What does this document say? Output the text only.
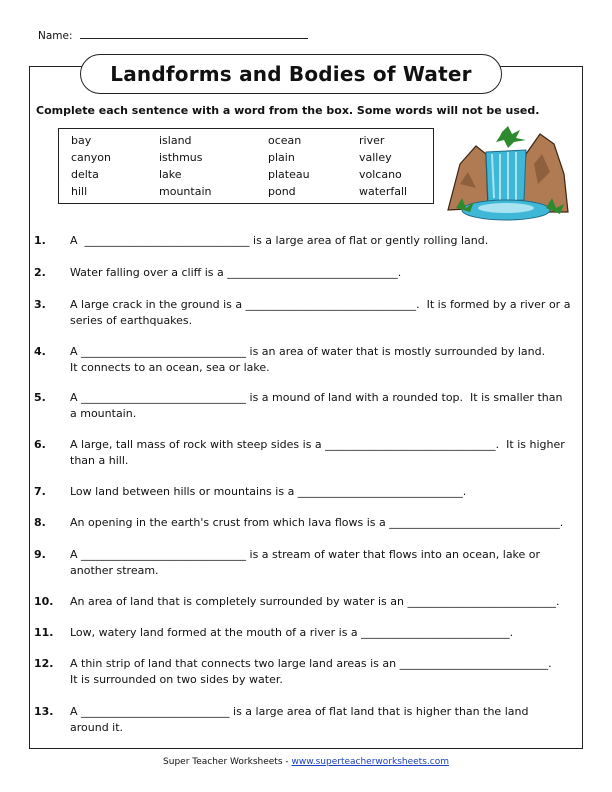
Name:
Landforms and Bodies of Water
Complete each sentence with a word from the box. Some words will not be used.
bay
canyon
delta
hill
island
isthmus
lake
mountain
ocean
plain
plateau
pond
river
valley
volcano
waterfall
1. A  ______________________________ is a large area of flat or gently rolling land.
2. Water falling over a cliff is a _______________________________.
3. A large crack in the ground is a _______________________________.  It is formed by a river or a
series of earthquakes.
4. A ______________________________ is an area of water that is mostly surrounded by land.
It connects to an ocean, sea or lake.
5. A ______________________________ is a mound of land with a rounded top.  It is smaller than
a mountain.
6. A large, tall mass of rock with steep sides is a _______________________________.  It is higher
than a hill.
7. Low land between hills or mountains is a ______________________________.
8. An opening in the earth's crust from which lava flows is a _______________________________.
9. A ______________________________ is a stream of water that flows into an ocean, lake or
another stream.
10. An area of land that is completely surrounded by water is an ___________________________.
11. Low, watery land formed at the mouth of a river is a ___________________________.
12. A thin strip of land that connects two large land areas is an ___________________________.
It is surrounded on two sides by water.
13. A ___________________________ is a large area of flat land that is higher than the land
around it.
Super Teacher Worksheets - www.superteacherworksheets.com
